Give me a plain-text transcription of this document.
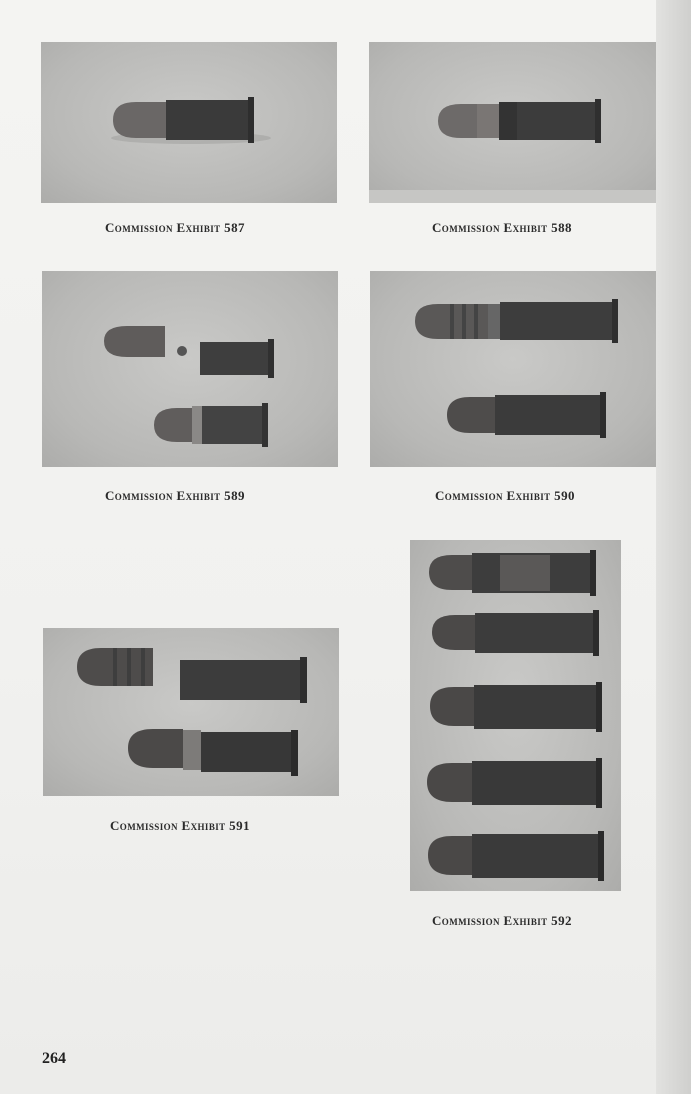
Commission Exhibit 587	Commission Exhibit 588
Commission Exhibit 589	Commission Exhibit 590
Commission Exhibit 591
Commission Exhibit 592
264
